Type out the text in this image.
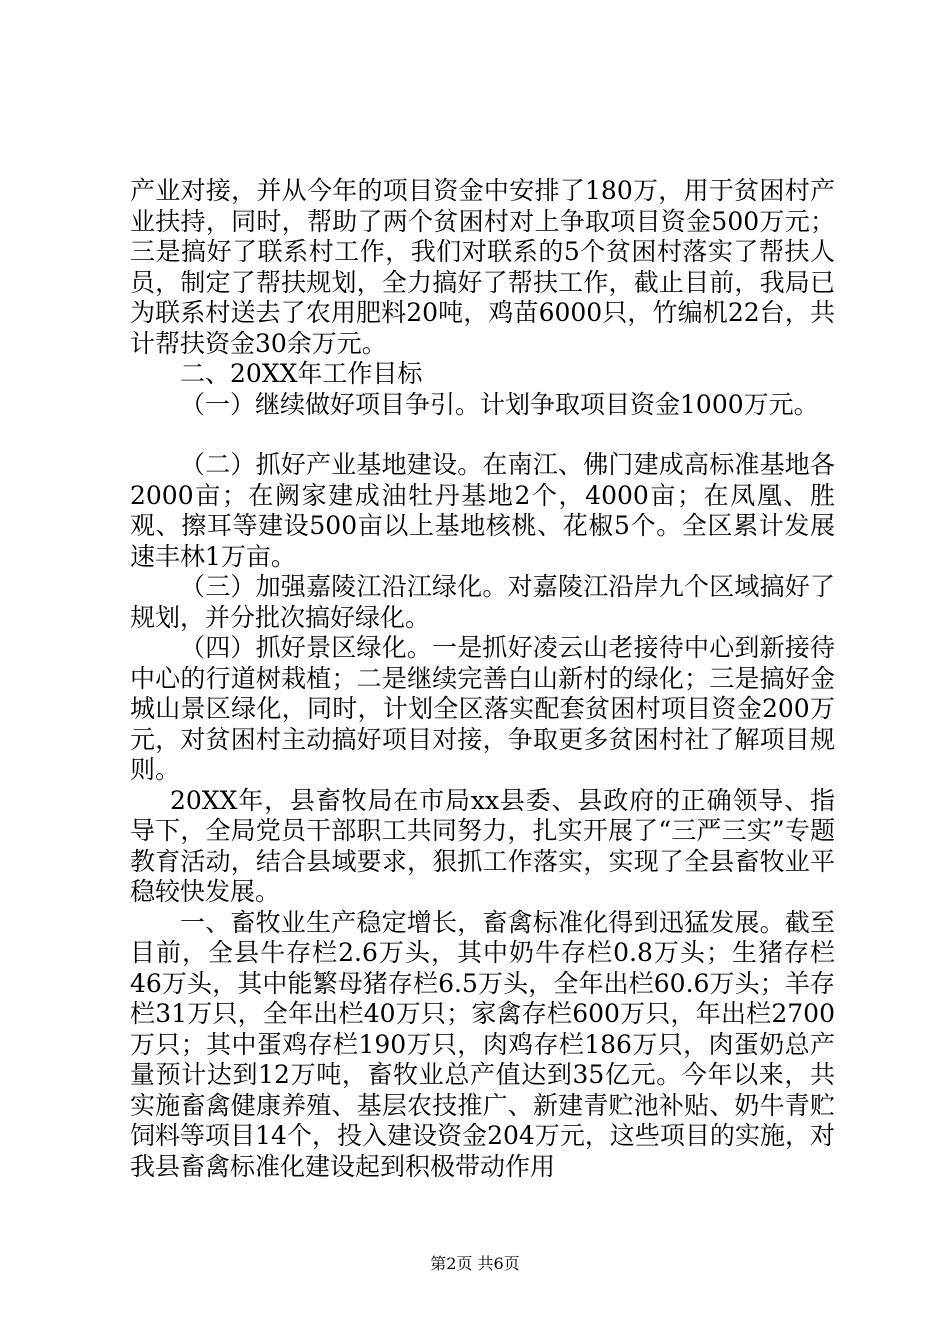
产业对接，并从今年的项目资金中安排了180万，用于贫困村产业扶持，同时，帮助了两个贫困村对上争取项目资金500万元；三是搞好了联系村工作，我们对联系的5个贫困村落实了帮扶人员，制定了帮扶规划，全力搞好了帮扶工作，截止目前，我局已为联系村送去了农用肥料20吨，鸡苗6000只，竹编机22台，共计帮扶资金30余万元。

二、20XX年工作目标

（一）继续做好项目争引。计划争取项目资金1000万元。

（二）抓好产业基地建设。在南江、佛门建成高标准基地各2000亩；在阙家建成油牡丹基地2个，4000亩；在凤凰、胜观、擦耳等建设500亩以上基地核桃、花椒5个。全区累计发展速丰林1万亩。

（三）加强嘉陵江沿江绿化。对嘉陵江沿岸九个区域搞好了规划，并分批次搞好绿化。

（四）抓好景区绿化。一是抓好凌云山老接待中心到新接待中心的行道树栽植；二是继续完善白山新村的绿化；三是搞好金城山景区绿化，同时，计划全区落实配套贫困村项目资金200万元，对贫困村主动搞好项目对接，争取更多贫困村社了解项目规则。

20XX年，县畜牧局在市局xx县委、县政府的正确领导、指导下，全局党员干部职工共同努力，扎实开展了“三严三实”专题教育活动，结合县域要求，狠抓工作落实，实现了全县畜牧业平稳较快发展。

一、畜牧业生产稳定增长，畜禽标准化得到迅猛发展。截至目前，全县牛存栏2.6万头，其中奶牛存栏0.8万头；生猪存栏46万头，其中能繁母猪存栏6.5万头，全年出栏60.6万头；羊存栏31万只，全年出栏40万只；家禽存栏600万只，年出栏2700万只；其中蛋鸡存栏190万只，肉鸡存栏186万只，肉蛋奶总产量预计达到12万吨，畜牧业总产值达到35亿元。今年以来，共实施畜禽健康养殖、基层农技推广、新建青贮池补贴、奶牛青贮饲料等项目14个，投入建设资金204万元，这些项目的实施，对我县畜禽标准化建设起到积极带动作用

第2页 共6页
